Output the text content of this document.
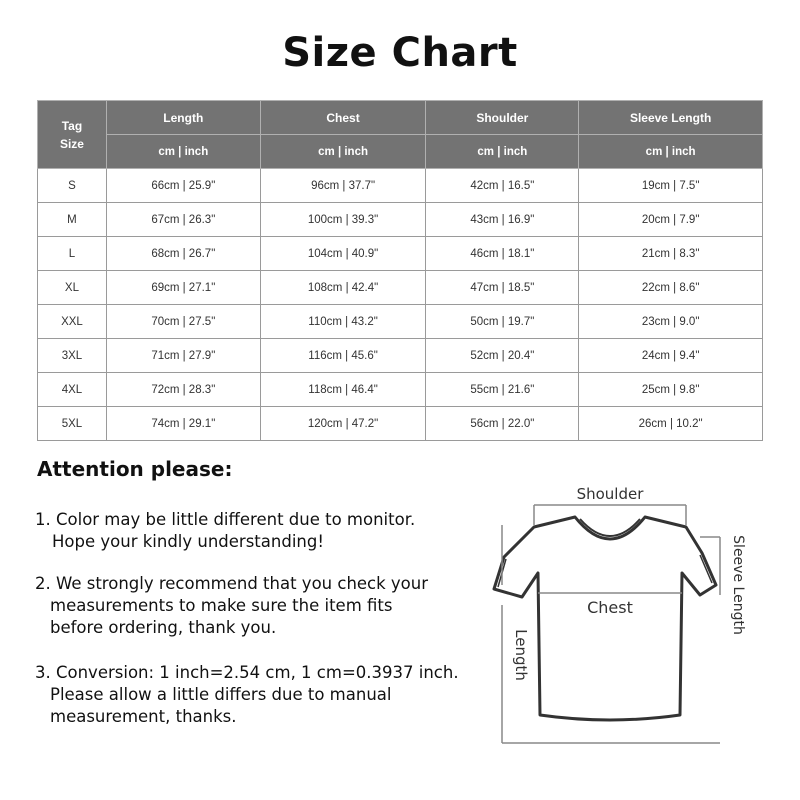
Size Chart
Tag
Size	Length	Chest	Shoulder	Sleeve Length
	cm | inch	cm | inch	cm | inch	cm | inch
S	66cm | 25.9"	96cm | 37.7"	42cm | 16.5"	19cm | 7.5"
M	67cm | 26.3"	100cm | 39.3"	43cm | 16.9"	20cm | 7.9"
L	68cm | 26.7"	104cm | 40.9"	46cm | 18.1"	21cm | 8.3"
XL	69cm | 27.1"	108cm | 42.4"	47cm | 18.5"	22cm | 8.6"
XXL	70cm | 27.5"	110cm | 43.2"	50cm | 19.7"	23cm | 9.0"
3XL	71cm | 27.9"	116cm | 45.6"	52cm | 20.4"	24cm | 9.4"
4XL	72cm | 28.3"	118cm | 46.4"	55cm | 21.6"	25cm | 9.8"
5XL	74cm | 29.1"	120cm | 47.2"	56cm | 22.0"	26cm | 10.2"
Attention please:
1. Color may be little different due to monitor.
Hope your kindly understanding!
2. We strongly recommend that you check your
measurements to make sure the item fits
before ordering, thank you.
3. Conversion: 1 inch=2.54 cm, 1 cm=0.3937 inch.
Please allow a little differs due to manual
measurement, thanks.
Shoulder
Length
Chest	Sleeve Length
